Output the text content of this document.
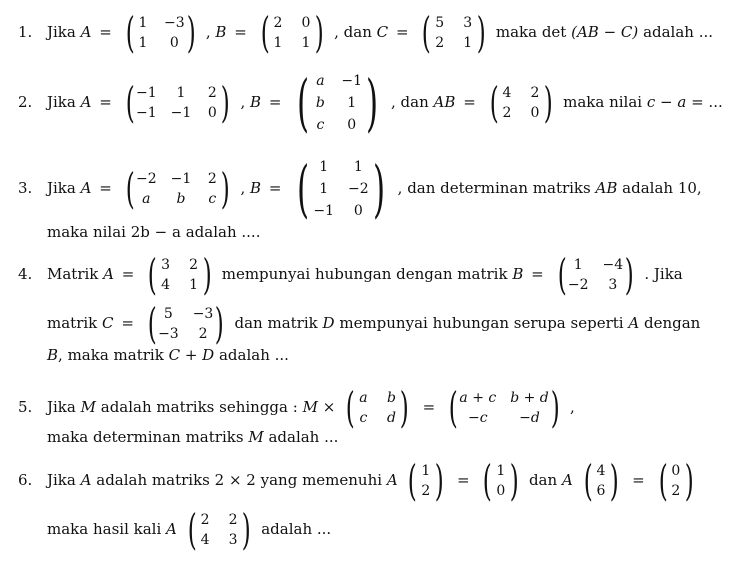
1. Jika A = ( 1 −3
1	0 ) , B = ( 2 0
1 1 ) , dan C = ( 5 3
2 1 ) maka det (AB − C) adalah ...
2. Jika A = ( −1	1	2
−1 −1 0 ) , B = ( a −1
b	1
c	0 ) , dan AB = ( 4 2
2 0 ) maka nilai c − a = ...
3. Jika A = ( −2 −1 2
a	b	c ) , B = ( 1	1
1	−2
−1	0 ) , dan determinan matriks AB adalah 10,
maka nilai 2b − a adalah ....
4. Matrik A = ( 3 2
4 1 ) mempunyai hubungan dengan matrik B = ( 1	−4
−2	3 ) . Jika
matrik C = ( 5	−3
−3	2 ) dan matrik D mempunyai hubungan serupa seperti A dengan
B, maka matrik C + D adalah ...
5. Jika M adalah matriks sehingga : M × ( a b
c d ) = ( a + c b + d
−c	−d ) ,
maka determinan matriks M adalah ...
6. Jika A adalah matriks 2 × 2 yang memenuhi A ( 1
2 ) = ( 1
0 ) dan A ( 4
6 ) = ( 0
2 )
maka hasil kali A ( 2 2
4 3 ) adalah ...
